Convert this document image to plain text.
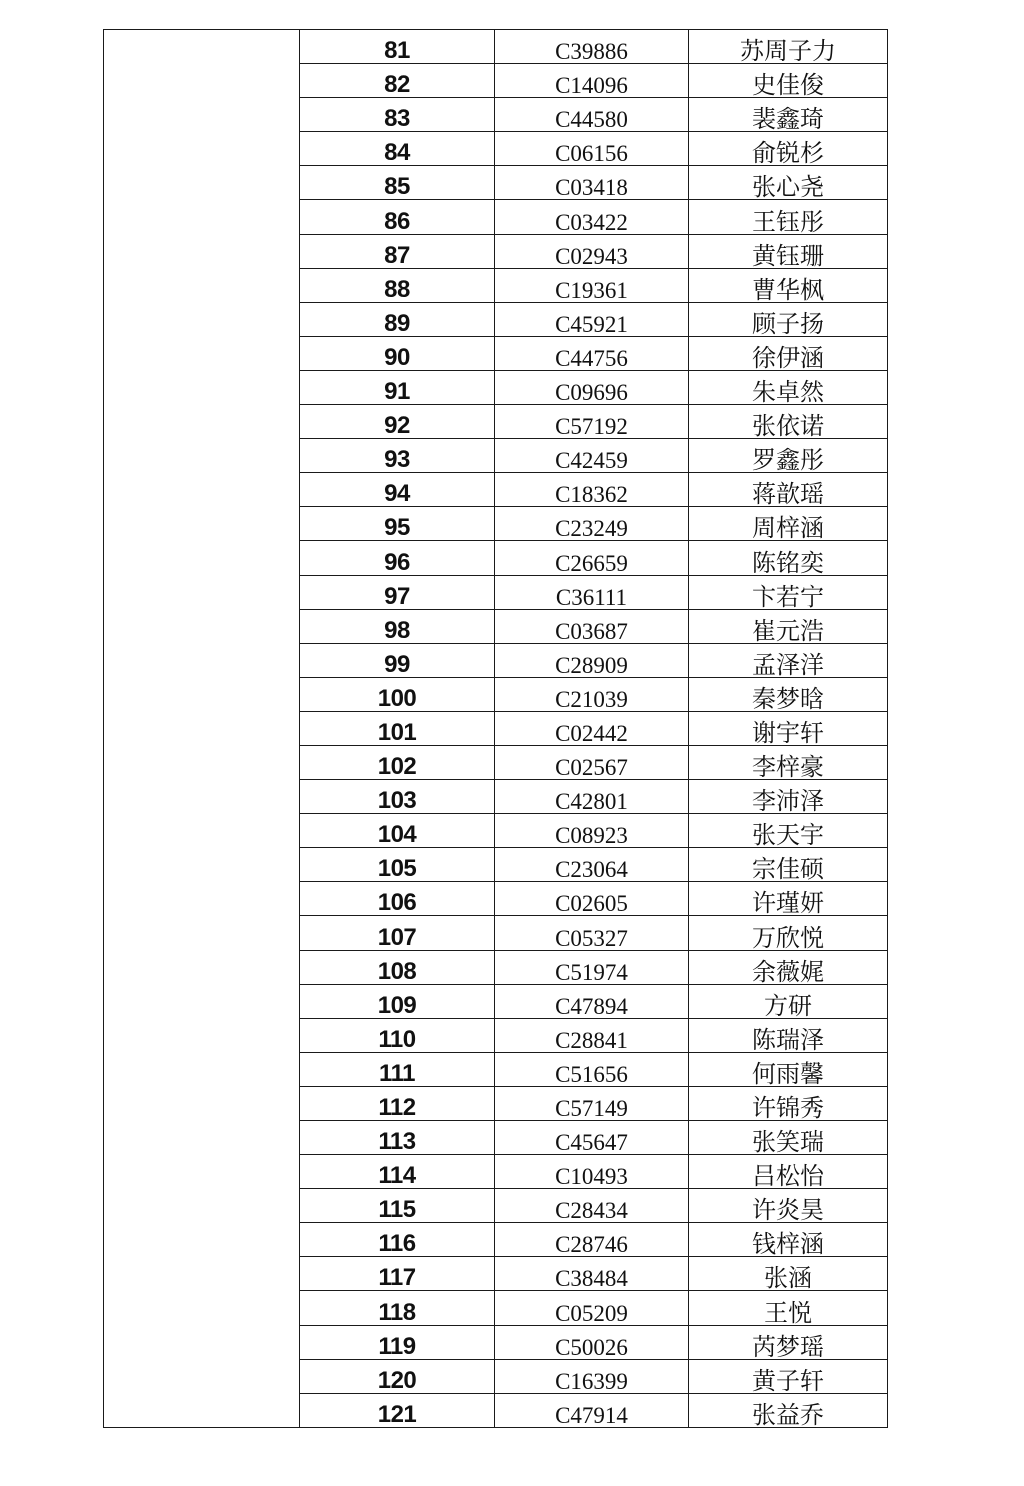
	81	C39886	苏周子力
	82	C14096	史佳俊
	83	C44580	裴鑫琦
	84	C06156	俞锐杉
	85	C03418	张心尧
	86	C03422	王钰彤
	87	C02943	黄钰珊
	88	C19361	曹华枫
	89	C45921	顾子扬
	90	C44756	徐伊涵
	91	C09696	朱卓然
	92	C57192	张依诺
	93	C42459	罗鑫彤
	94	C18362	蒋歆瑶
	95	C23249	周梓涵
	96	C26659	陈铭奕
	97	C36111	卞若宁
	98	C03687	崔元浩
	99	C28909	孟泽洋
	100	C21039	秦梦晗
	101	C02442	谢宇轩
	102	C02567	李梓豪
	103	C42801	李沛泽
	104	C08923	张天宇
	105	C23064	宗佳硕
	106	C02605	许瑾妍
	107	C05327	万欣悦
	108	C51974	余薇娓
	109	C47894	方研
	110	C28841	陈瑞泽
	111	C51656	何雨馨
	112	C57149	许锦秀
	113	C45647	张笑瑞
	114	C10493	吕松怡
	115	C28434	许炎昊
	116	C28746	钱梓涵
	117	C38484	张涵
	118	C05209	王悦
	119	C50026	芮梦瑶
	120	C16399	黄子轩
	121	C47914	张益乔
